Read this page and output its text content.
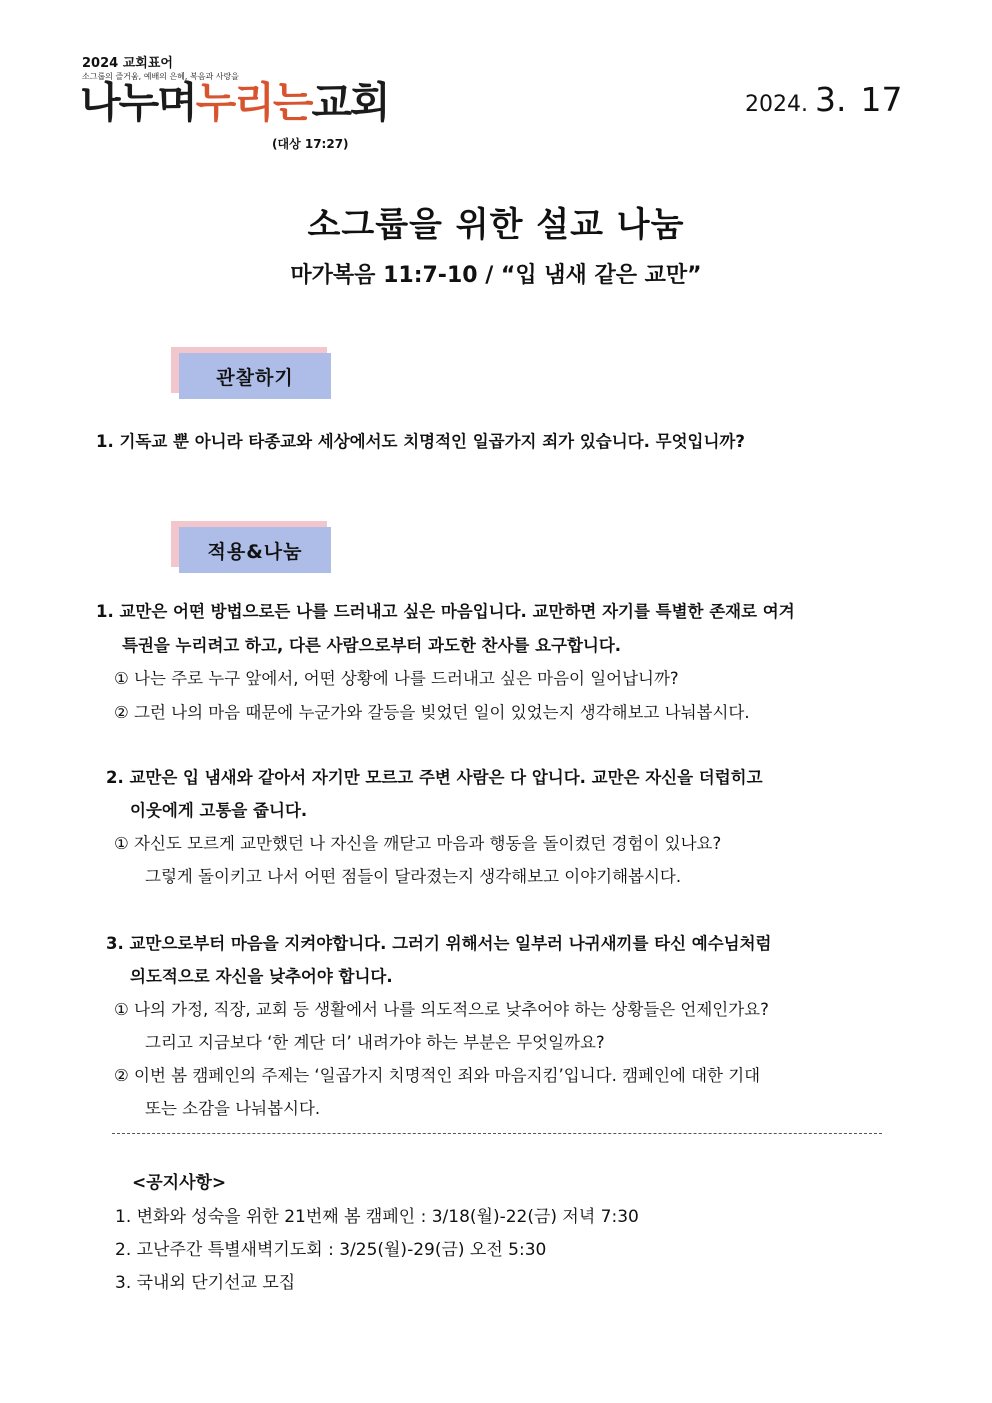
2024 교회표어
소그룹의 즐거움, 예배의 은혜, 복음과 사랑을
나누며누리는교회
(대상 17:27)
2024. 3. 17
소그룹을 위한 설교 나눔
마가복음 11:7-10 / “입 냄새 같은 교만”
관찰하기
1. 기독교 뿐 아니라 타종교와 세상에서도 치명적인 일곱가지 죄가 있습니다. 무엇입니까?
적용&나눔
1. 교만은 어떤 방법으로든 나를 드러내고 싶은 마음입니다. 교만하면 자기를 특별한 존재로 여겨
특권을 누리려고 하고, 다른 사람으로부터 과도한 찬사를 요구합니다.
① 나는 주로 누구 앞에서, 어떤 상황에 나를 드러내고 싶은 마음이 일어납니까?
② 그런 나의 마음 때문에 누군가와 갈등을 빚었던 일이 있었는지 생각해보고 나눠봅시다.
2. 교만은 입 냄새와 같아서 자기만 모르고 주변 사람은 다 압니다. 교만은 자신을 더럽히고
이웃에게 고통을 줍니다.
① 자신도 모르게 교만했던 나 자신을 깨닫고 마음과 행동을 돌이켰던 경험이 있나요?
그렇게 돌이키고 나서 어떤 점들이 달라졌는지 생각해보고 이야기해봅시다.
3. 교만으로부터 마음을 지켜야합니다. 그러기 위해서는 일부러 나귀새끼를 타신 예수님처럼
의도적으로 자신을 낮추어야 합니다.
① 나의 가정, 직장, 교회 등 생활에서 나를 의도적으로 낮추어야 하는 상황들은 언제인가요?
그리고 지금보다 ‘한 계단 더’ 내려가야 하는 부분은 무엇일까요?
② 이번 봄 캠페인의 주제는 ‘일곱가지 치명적인 죄와 마음지킴’입니다. 캠페인에 대한 기대
또는 소감을 나눠봅시다.
<공지사항>
1. 변화와 성숙을 위한 21번째 봄 캠페인 : 3/18(월)-22(금) 저녁 7:30
2. 고난주간 특별새벽기도회 : 3/25(월)-29(금) 오전 5:30
3. 국내외 단기선교 모집
